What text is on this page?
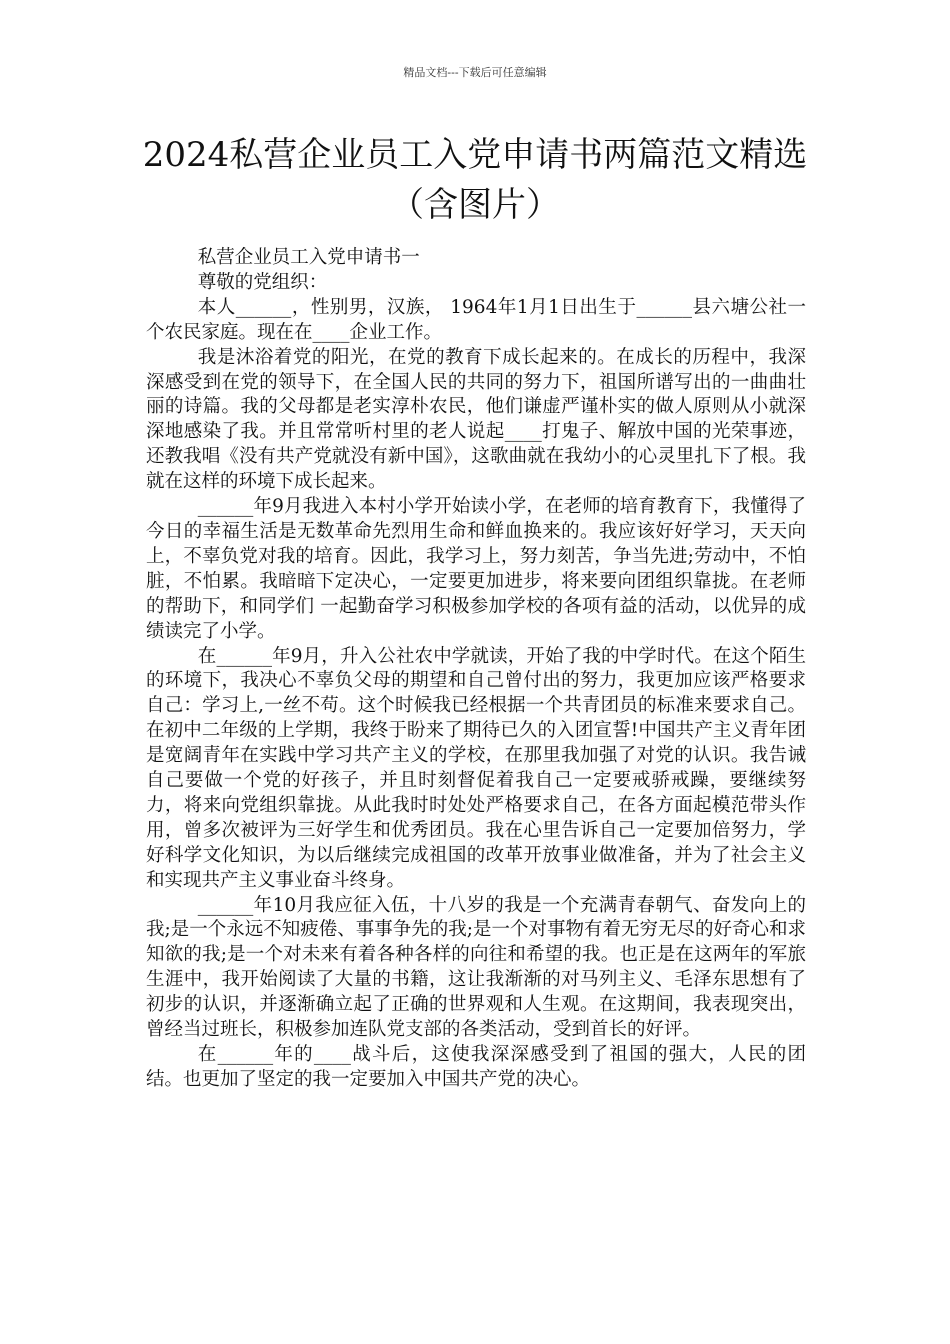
精品文档---下载后可任意编辑
2024私营企业员工入党申请书两篇范文精选（含图片）

私营企业员工入党申请书一

尊敬的党组织：

本人______，性别男，汉族， 1964年1月1日出生于______县六塘公社一个农民家庭。现在在____企业工作。

我是沐浴着党的阳光，在党的教育下成长起来的。在成长的历程中，我深深感受到在党的领导下，在全国人民的共同的努力下，祖国所谱写出的一曲曲壮丽的诗篇。我的父母都是老实淳朴农民，他们谦虚严谨朴实的做人原则从小就深深地感染了我。并且常常听村里的老人说起____打鬼子、解放中国的光荣事迹，还教我唱《没有共产党就没有新中国》，这歌曲就在我幼小的心灵里扎下了根。我就在这样的环境下成长起来。

______年9月我进入本村小学开始读小学，在老师的培育教育下，我懂得了今日的幸福生活是无数革命先烈用生命和鲜血换来的。我应该好好学习，天天向上，不辜负党对我的培育。因此，我学习上，努力刻苦，争当先进;劳动中，不怕脏，不怕累。我暗暗下定决心，一定要更加进步，将来要向团组织靠拢。在老师的帮助下，和同学们 一起勤奋学习积极参加学校的各项有益的活动，以优异的成绩读完了小学。

在______年9月，升入公社农中学就读，开始了我的中学时代。在这个陌生的环境下，我决心不辜负父母的期望和自己曾付出的努力，我更加应该严格要求自己：学习上,一丝不苟。这个时候我已经根据一个共青团员的标准来要求自己。在初中二年级的上学期，我终于盼来了期待已久的入团宣誓!中国共产主义青年团是宽阔青年在实践中学习共产主义的学校，在那里我加强了对党的认识。我告诫自己要做一个党的好孩子，并且时刻督促着我自己一定要戒骄戒躁，要继续努力，将来向党组织靠拢。从此我时时处处严格要求自己，在各方面起模范带头作用，曾多次被评为三好学生和优秀团员。我在心里告诉自己一定要加倍努力，学好科学文化知识，为以后继续完成祖国的改革开放事业做准备，并为了社会主义和实现共产主义事业奋斗终身。

______年10月我应征入伍，十八岁的我是一个充满青春朝气、奋发向上的我;是一个永远不知疲倦、事事争先的我;是一个对事物有着无穷无尽的好奇心和求知欲的我;是一个对未来有着各种各样的向往和希望的我。也正是在这两年的军旅生涯中，我开始阅读了大量的书籍，这让我渐渐的对马列主义、毛泽东思想有了初步的认识，并逐渐确立起了正确的世界观和人生观。在这期间，我表现突出，曾经当过班长，积极参加连队党支部的各类活动，受到首长的好评。

在______年的____战斗后，这使我深深感受到了祖国的强大，人民的团结。也更加了坚定的我一定要加入中国共产党的决心。
